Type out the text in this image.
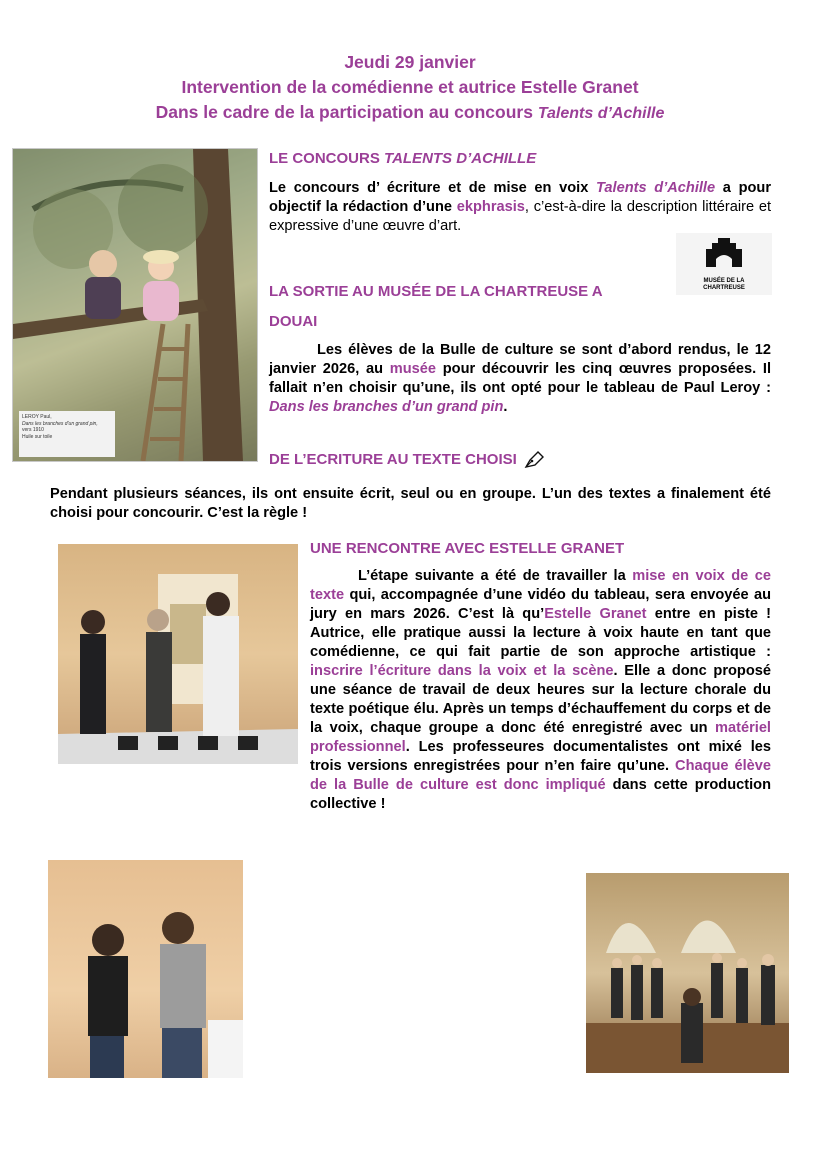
Jeudi 29 janvier
Intervention de la comédienne et autrice Estelle Granet
Dans le cadre de la participation au concours Talents d’Achille
LEROY Paul,
Dans les branches d'un grand pin,
vers 1910
Huile sur toile
LE CONCOURS TALENTS D’ACHILLE
Le concours d’ écriture et de mise en voix Talents d’Achille a pour objectif la rédaction d’une ekphrasis, c’est-à-dire la description littéraire et expressive d’une œuvre d’art.
MUSÉE DE LA
CHARTREUSE
LA SORTIE AU MUSÉE DE LA CHARTREUSE A
DOUAI
Les élèves de la Bulle de culture se sont d’abord rendus, le 12 janvier 2026, au musée pour découvrir les cinq œuvres proposées. Il fallait n’en choisir qu’une, ils ont opté pour le tableau de Paul Leroy : Dans les branches d’un grand pin.
DE L’ECRITURE AU TEXTE CHOISI
Pendant plusieurs séances, ils ont ensuite écrit, seul ou en groupe. L’un des textes a finalement été choisi pour concourir. C’est la règle !
UNE RENCONTRE AVEC ESTELLE GRANET
L’étape suivante a été de travailler la mise en voix de ce texte qui, accompagnée d’une vidéo du tableau, sera envoyée au jury en mars 2026. C’est là qu’Estelle Granet entre en piste ! Autrice, elle pratique aussi la lecture à voix haute en tant que comédienne, ce qui fait partie de son approche artistique : inscrire l’écriture dans la voix et la scène. Elle a donc proposé une séance de travail de deux heures sur la lecture chorale du texte poétique élu. Après un temps d’échauffement du corps et de la voix, chaque groupe a donc été enregistré avec un matériel professionnel. Les professeures documentalistes ont mixé les trois versions enregistrées pour n’en faire qu’une. Chaque élève de la Bulle de culture est donc impliqué dans cette production collective !
